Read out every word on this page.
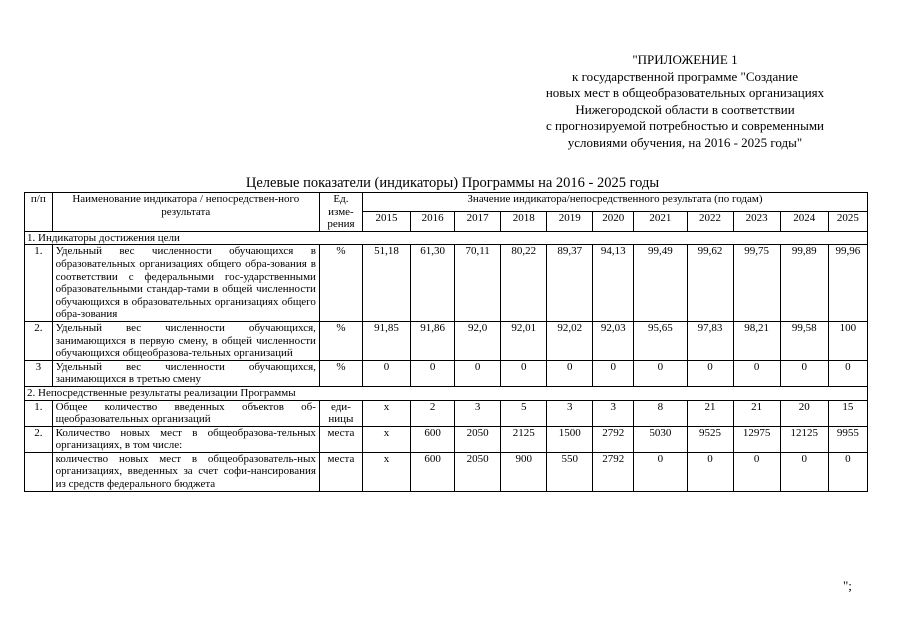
"ПРИЛОЖЕНИЕ 1
к государственной программе "Создание
новых мест в общеобразовательных организациях
Нижегородской области в соответствии
с прогнозируемой потребностью и современными
условиями обучения, на 2016 - 2025 годы"
Целевые показатели (индикаторы) Программы на 2016 - 2025 годы
п/п	Наименование индикатора / непосредствен-ного результата	Ед. изме-рения	Значение индикатора/непосредственного результата (по годам)										
			2015	2016	2017	2018	2019	2020	2021	2022	2023	2024	2025
1. Индикаторы достижения цели													
1.	Удельный вес численности обучающихся в образовательных организациях общего обра-зования в соответствии с федеральными гос-ударственными образовательными стандар-тами в общей численности обучающихся в образовательных организациях общего обра-зования	%	51,18	61,30	70,11	80,22	89,37	94,13	99,49	99,62	99,75	99,89	99,96
2.	Удельный вес численности обучающихся, занимающихся в первую смену, в общей численности обучающихся общеобразова-тельных организаций	%	91,85	91,86	92,0	92,01	92,02	92,03	95,65	97,83	98,21	99,58	100
3	Удельный вес численности обучающихся, занимающихся в третью смену	%	0	0	0	0	0	0	0	0	0	0	0
2. Непосредственные результаты реализации Программы													
1.	Общее количество введенных объектов об-щеобразовательных организаций	еди-ницы	х	2	3	5	3	3	8	21	21	20	15
2.	Количество новых мест в общеобразова-тельных организациях, в том числе:	места	х	600	2050	2125	1500	2792	5030	9525	12975	12125	9955
	количество новых мест в общеобразователь-ных организациях, введенных за счет софи-нансирования из средств федерального бюджета	места	х	600	2050	900	550	2792	0	0	0	0	0
";
